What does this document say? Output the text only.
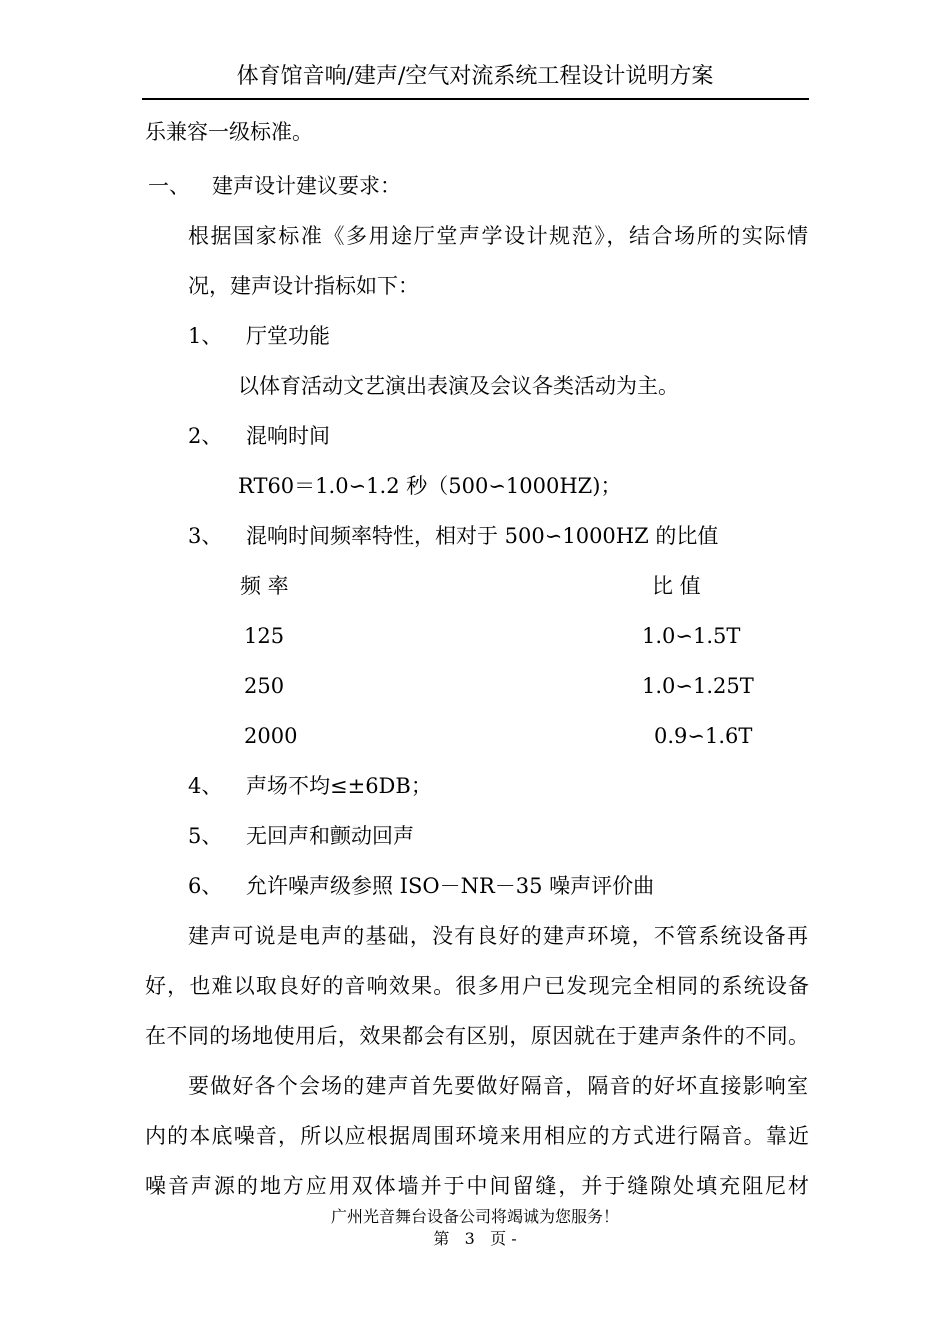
体育馆音响/建声/空气对流系统工程设计说明方案
乐兼容一级标准。
一、 建声设计建议要求：
根据国家标准《多用途厅堂声学设计规范》，结合场所的实际情
况，建声设计指标如下：
1、 厅堂功能
以体育活动文艺演出表演及会议各类活动为主。
2、 混响时间
RT60＝1.0∽1.2 秒（500∽1000HZ)；
3、 混响时间频率特性，相对于 500∽1000HZ 的比值
频 率	比 值
125	1.0∽1.5T
250	1.0∽1.25T
2000	0.9∽1.6T
4、 声场不均≤±6DB；
5、 无回声和颤动回声
6、 允许噪声级参照 ISO－NR－35 噪声评价曲
建声可说是电声的基础，没有良好的建声环境，不管系统设备再
好，也难以取良好的音响效果。很多用户已发现完全相同的系统设备
在不同的场地使用后，效果都会有区别，原因就在于建声条件的不同。
要做好各个会场的建声首先要做好隔音，隔音的好坏直接影响室
内的本底噪音，所以应根据周围环境来用相应的方式进行隔音。靠近
噪音声源的地方应用双体墙并于中间留缝，并于缝隙处填充阻尼材
广州光音舞台设备公司将竭诚为您服务！
第 3 页 -
